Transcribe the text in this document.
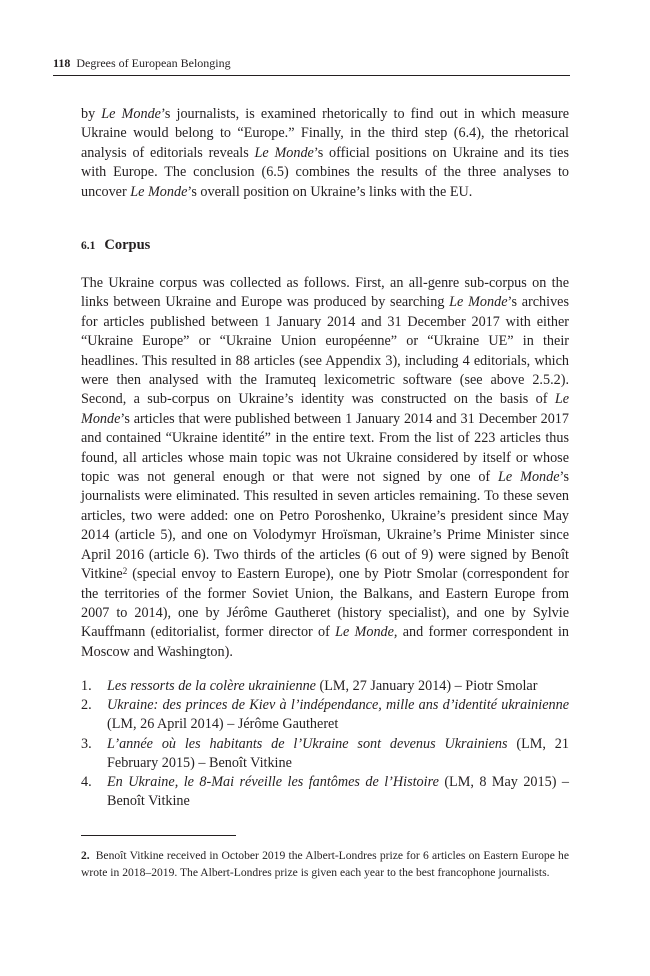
118 Degrees of European Belonging

by Le Monde’s journalists, is examined rhetorically to find out in which measure Ukraine would belong to “Europe.” Finally, in the third step (6.4), the rhetorical analysis of editorials reveals Le Monde’s official positions on Ukraine and its ties with Europe. The conclusion (6.5) combines the results of the three analyses to uncover Le Monde’s overall position on Ukraine’s links with the EU.

6.1 Corpus

The Ukraine corpus was collected as follows. First, an all-genre sub-corpus on the links between Ukraine and Europe was produced by searching Le Monde’s archives for articles published between 1 January 2014 and 31 December 2017 with either “Ukraine Europe” or “Ukraine Union européenne” or “Ukraine UE” in their headlines. This resulted in 88 articles (see Appendix 3), including 4 editorials, which were then analysed with the Iramuteq lexicometric software (see above 2.5.2). Second, a sub-corpus on Ukraine’s identity was constructed on the basis of Le Monde’s articles that were published between 1 January 2014 and 31 December 2017 and contained “Ukraine identité” in the entire text. From the list of 223 articles thus found, all articles whose main topic was not Ukraine considered by itself or whose topic was not general enough or that were not signed by one of Le Monde’s journalists were eliminated. This resulted in seven articles remaining. To these seven articles, two were added: one on Petro Poroshenko, Ukraine’s president since May 2014 (article 5), and one on Volodymyr Hroïsman, Ukraine’s Prime Minister since April 2016 (article 6). Two thirds of the articles (6 out of 9) were signed by Benoît Vitkine$^2$ (special envoy to Eastern Europe), one by Piotr Smolar (correspondent for the territories of the former Soviet Union, the Balkans, and Eastern Europe from 2007 to 2014), one by Jérôme Gautheret (history specialist), and one by Sylvie Kauffmann (editorialist, former director of Le Monde, and former correspondent in Moscow and Washington).

1. Les ressorts de la colère ukrainienne (LM, 27 January 2014) – Piotr Smolar

2. Ukraine: des princes de Kiev à l’indépendance, mille ans d’identité ukrainienne (LM, 26 April 2014) – Jérôme Gautheret

3. L’année où les habitants de l’Ukraine sont devenus Ukrainiens (LM, 21 February 2015) – Benoît Vitkine

4. En Ukraine, le 8-Mai réveille les fantômes de l’Histoire (LM, 8 May 2015) – Benoît Vitkine

2. Benoît Vitkine received in October 2019 the Albert-Londres prize for 6 articles on Eastern Europe he wrote in 2018–2019. The Albert-Londres prize is given each year to the best francophone journalists.
